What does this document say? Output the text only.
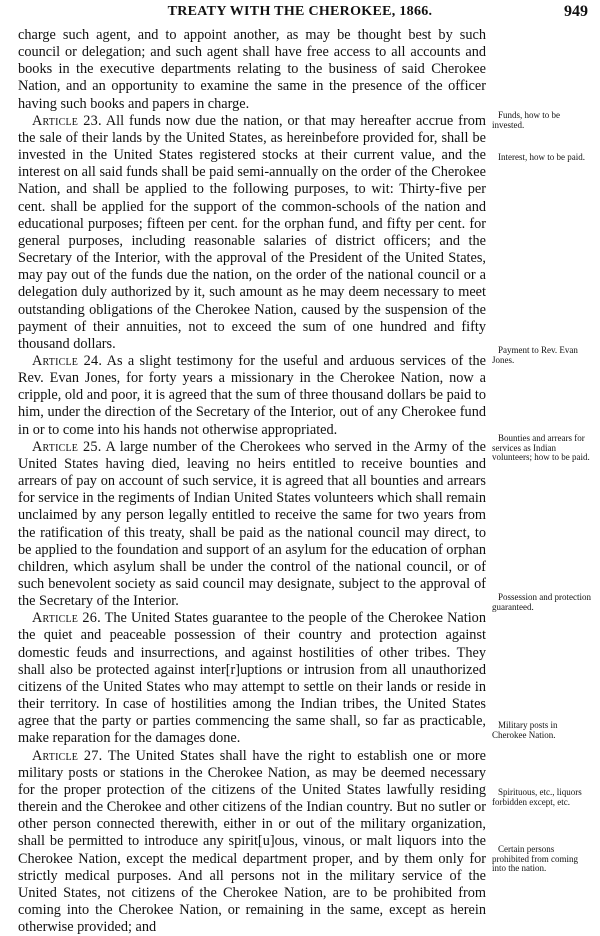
TREATY WITH THE CHEROKEE, 1866.	949

charge such agent, and to appoint another, as may be thought best by such council or delegation; and such agent shall have free access to all accounts and books in the executive departments relating to the business of said Cherokee Nation, and an opportunity to examine the same in the presence of the officer having such books and papers in charge.

Article 23. All funds now due the nation, or that may hereafter accrue from the sale of their lands by the United States, as hereinbefore provided for, shall be invested in the United States registered stocks at their current value, and the interest on all said funds shall be paid semi-annually on the order of the Cherokee Nation, and shall be applied to the following purposes, to wit: Thirty-five per cent. shall be applied for the support of the common-schools of the nation and educational purposes; fifteen per cent. for the orphan fund, and fifty per cent. for general purposes, including reasonable salaries of district officers; and the Secretary of the Interior, with the approval of the President of the United States, may pay out of the funds due the nation, on the order of the national council or a delegation duly authorized by it, such amount as he may deem necessary to meet outstanding obligations of the Cherokee Nation, caused by the suspension of the payment of their annuities, not to exceed the sum of one hundred and fifty thousand dollars.

Article 24. As a slight testimony for the useful and arduous services of the Rev. Evan Jones, for forty years a missionary in the Cherokee Nation, now a cripple, old and poor, it is agreed that the sum of three thousand dollars be paid to him, under the direction of the Secretary of the Interior, out of any Cherokee fund in or to come into his hands not otherwise appropriated.

Article 25. A large number of the Cherokees who served in the Army of the United States having died, leaving no heirs entitled to receive bounties and arrears of pay on account of such service, it is agreed that all bounties and arrears for service in the regiments of Indian United States volunteers which shall remain unclaimed by any person legally entitled to receive the same for two years from the ratification of this treaty, shall be paid as the national council may direct, to be applied to the foundation and support of an asylum for the education of orphan children, which asylum shall be under the control of the national council, or of such benevolent society as said council may designate, subject to the approval of the Secretary of the Interior.

Article 26. The United States guarantee to the people of the Cherokee Nation the quiet and peaceable possession of their country and protection against domestic feuds and insurrections, and against hostilities of other tribes. They shall also be protected against inter[r]uptions or intrusion from all unauthorized citizens of the United States who may attempt to settle on their lands or reside in their territory. In case of hostilities among the Indian tribes, the United States agree that the party or parties commencing the same shall, so far as practicable, make reparation for the damages done.

Article 27. The United States shall have the right to establish one or more military posts or stations in the Cherokee Nation, as may be deemed necessary for the proper protection of the citizens of the United States lawfully residing therein and the Cherokee and other citizens of the Indian country. But no sutler or other person connected therewith, either in or out of the military organization, shall be permitted to introduce any spirit[u]ous, vinous, or malt liquors into the Cherokee Nation, except the medical department proper, and by them only for strictly medical purposes. And all persons not in the military service of the United States, not citizens of the Cherokee Nation, are to be prohibited from coming into the Cherokee Nation, or remaining in the same, except as herein otherwise provided; and

Funds, how to be invested.
Interest, how to be paid.
Payment to Rev. Evan Jones.
Bounties and arrears for services as Indian volunteers; how to be paid.
Possession and protection guaranteed.
Military posts in Cherokee Nation.
Spirituous, etc., liquors forbidden except, etc.
Certain persons prohibited from coming into the nation.
